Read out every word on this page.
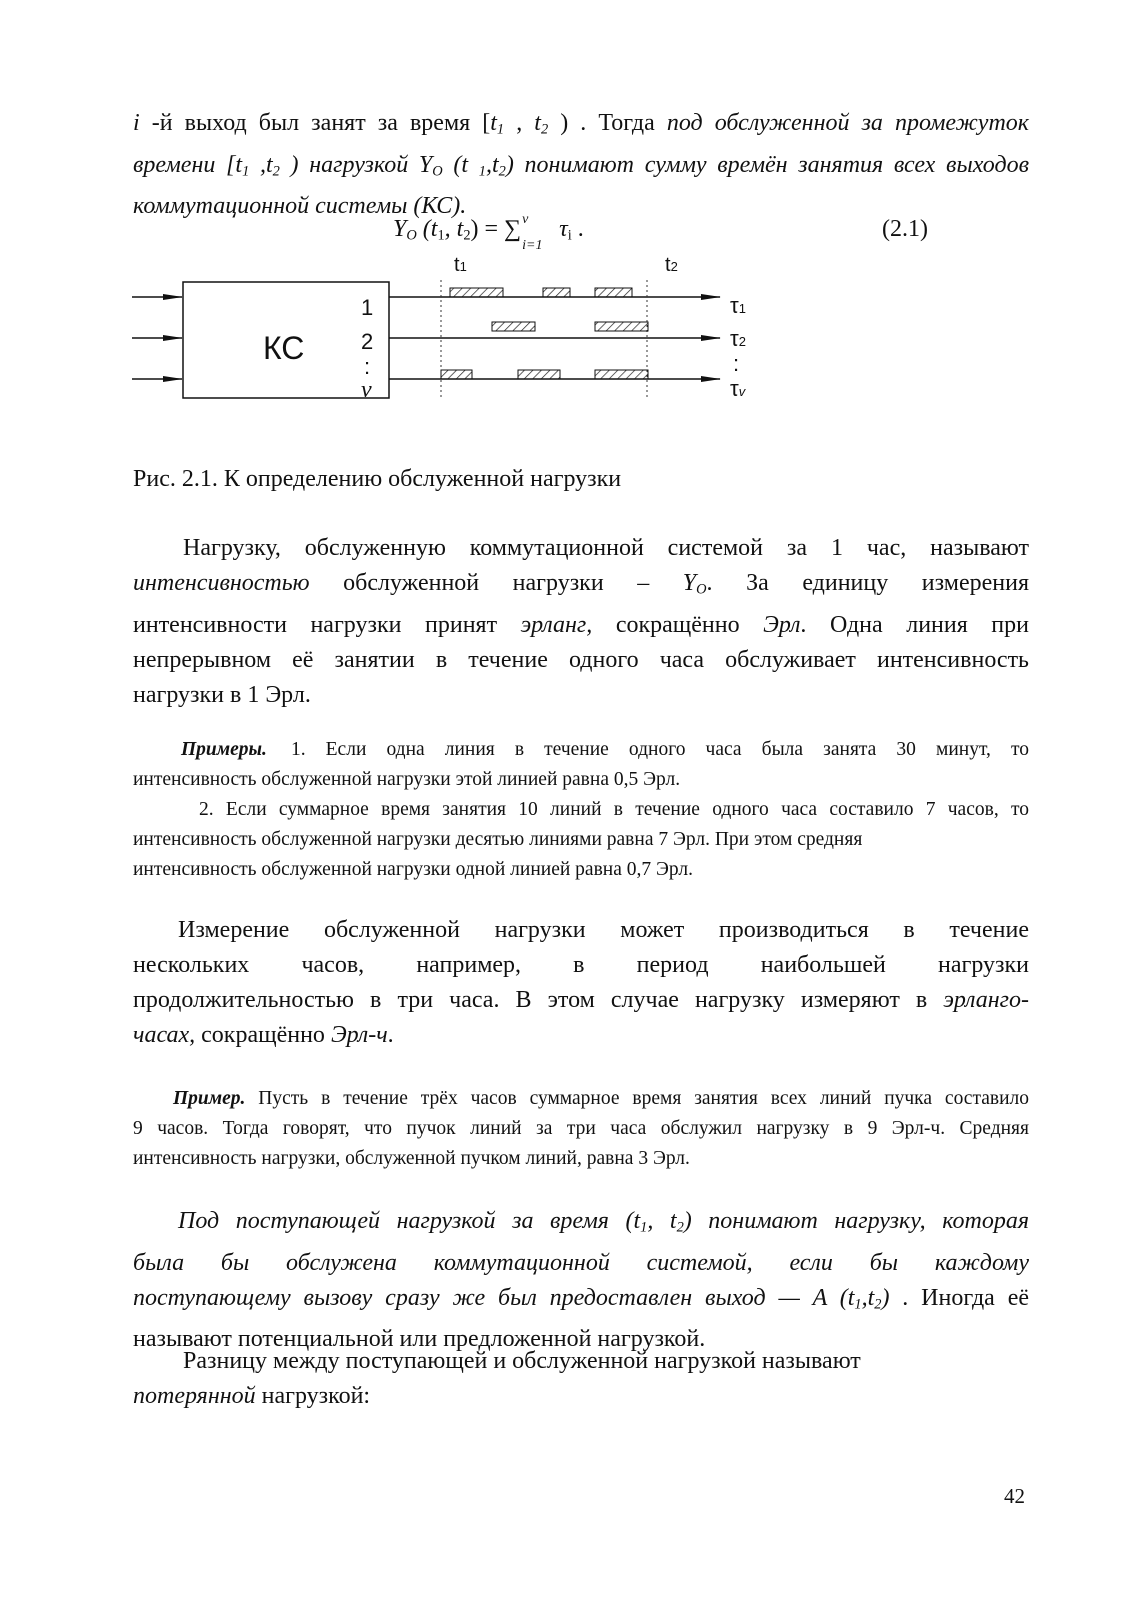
i -й выход был занят за время [$t_1$ , $t_2$ ) . Тогда под обслуженной за промежуток
времени [$t_1$ $,t_2$ ) нагрузкой $Y_O$ (t $_1,t_2$) понимают сумму времён занятия всех выходов
коммутационной системы (КС).
$Y_O$ ($t_1$, $t_2$) = ∑ v
i=1
$\tau_i$ .	(2.1)
КС
1
2
:
v
t1	t2
τ1
τ2
:
τv
Рис. 2.1. К определению обслуженной нагрузки
Нагрузку, обслуженную коммутационной системой за 1 час, называют
интенсивностью обслуженной нагрузки – $Y_O$. За единицу измерения
интенсивности нагрузки принят эрланг, сокращённо Эрл. Одна линия при
непрерывном её занятии в течение одного часа обслуживает интенсивность
нагрузки в 1 Эрл.
Примеры. 1. Если одна линия в течение одного часа была занята 30 минут, то
интенсивность обслуженной нагрузки этой линией равна 0,5 Эрл.
2. Если суммарное время занятия 10 линий в течение одного часа составило 7 часов, то
интенсивность обслуженной нагрузки десятью линиями равна 7 Эрл. При этом средняя
интенсивность обслуженной нагрузки одной линией равна 0,7 Эрл.
Измерение обслуженной нагрузки может производиться в течение
нескольких часов, например, в период наибольшей нагрузки
продолжительностью в три часа. В этом случае нагрузку измеряют в эрланго-
часах, сокращённо Эрл-ч.
Пример. Пусть в течение трёх часов суммарное время занятия всех линий пучка составило
9 часов. Тогда говорят, что пучок линий за три часа обслужил нагрузку в 9 Эрл-ч. Средняя
интенсивность нагрузки, обслуженной пучком линий, равна 3 Эрл.
Под поступающей нагрузкой за время ($t_1$, $t_2$) понимают нагрузку, которая
была бы обслужена коммутационной системой, если бы каждому
поступающему вызову сразу же был предоставлен выход — A $(t_1,t_2)$ . Иногда её
называют потенциальной или предложенной нагрузкой.
Разницу между поступающей и обслуженной нагрузкой называют
потерянной нагрузкой:
42
